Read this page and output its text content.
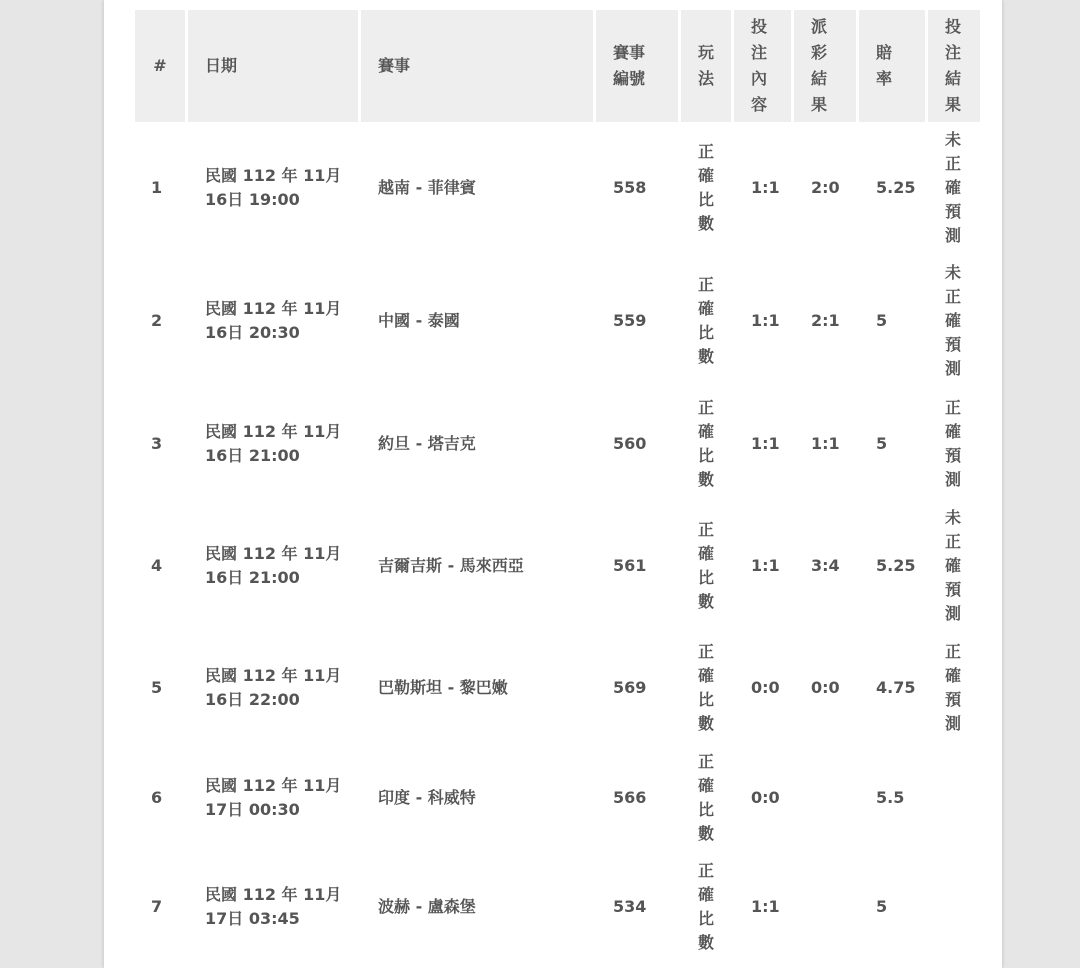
#	日期	賽事	賽事編號	玩法	投注內容	派彩結果	賠率	投注結果

1	民國 112 年 11月 16日 19:00	越南 - 菲律賓	558	正確比數	1:1	2:0	5.25	未正確預測

2	民國 112 年 11月 16日 20:30	中國 - 泰國	559	正確比數	1:1	2:1	5	未正確預測

3	民國 112 年 11月 16日 21:00	約旦 - 塔吉克	560	正確比數	1:1	1:1	5	正確預測

4	民國 112 年 11月 16日 21:00	吉爾吉斯 - 馬來西亞	561	正確比數	1:1	3:4	5.25	未正確預測

5	民國 112 年 11月 16日 22:00	巴勒斯坦 - 黎巴嫩	569	正確比數	0:0	0:0	4.75	正確預測

6	民國 112 年 11月 17日 00:30	印度 - 科威特	566	正確比數	0:0		5.5	

7	民國 112 年 11月 17日 03:45	波赫 - 盧森堡	534	正確比數	1:1		5	
